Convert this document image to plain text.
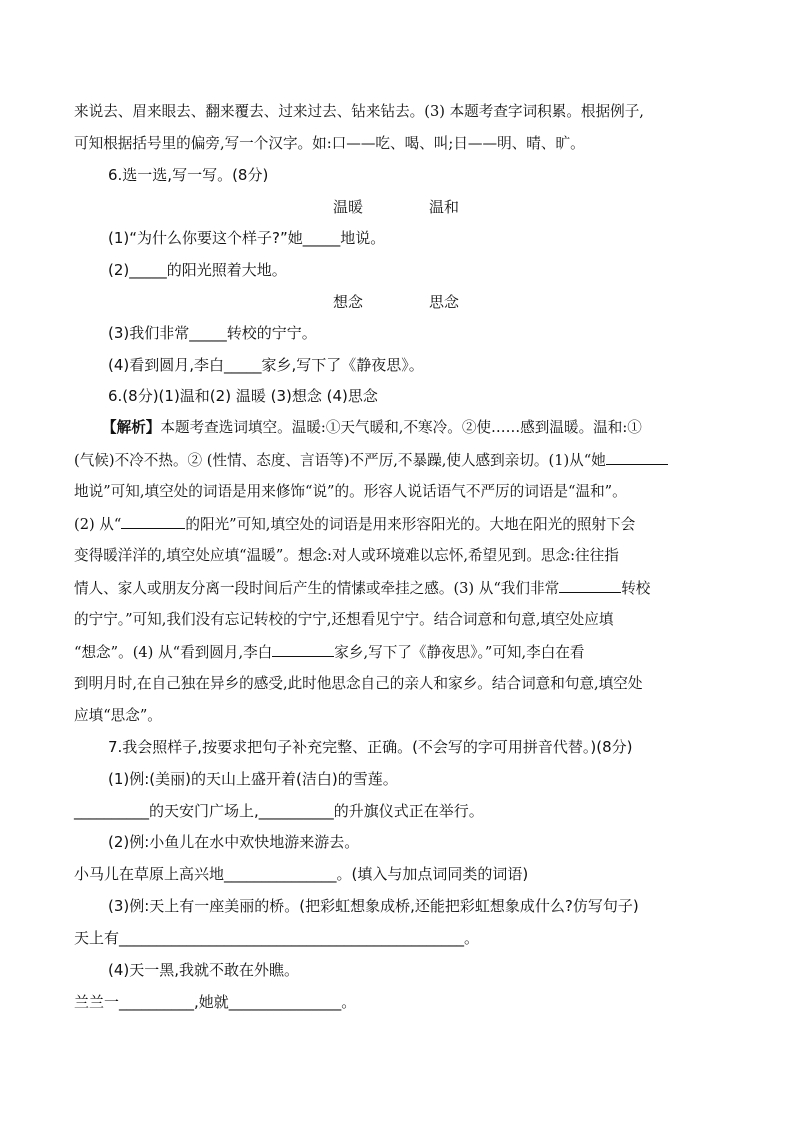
来说去、眉来眼去、翻来覆去、过来过去、钻来钻去。(3) 本题考查字词积累。根据例子,
可知根据括号里的偏旁,写一个汉字。如:口——吃、喝、叫;日——明、晴、旷。
6.选一选,写一写。(8分)
温暖	温和
(1)“为什么你要这个样子?”她_____地说。
(2)_____的阳光照着大地。
想念	思念
(3)我们非常_____转校的宁宁。
(4)看到圆月,李白_____家乡,写下了《静夜思》。
6.(8分)(1)温和(2) 温暖 (3)想念 (4)思念
【解析】本题考查选词填空。温暖:①天气暖和,不寒冷。②使……感到温暖。温和:①
(气候)不冷不热。② (性情、态度、言语等)不严厉,不暴躁,使人感到亲切。(1)从“她
地说”可知,填空处的词语是用来修饰“说”的。形容人说话语气不严厉的词语是“温和”。
(2) 从“	的阳光”可知,填空处的词语是用来形容阳光的。大地在阳光的照射下会
变得暖洋洋的,填空处应填“温暖”。想念:对人或环境难以忘怀,希望见到。思念:往往指
情人、家人或朋友分离一段时间后产生的情愫或牵挂之感。(3) 从“我们非常	转校
的宁宁。”可知,我们没有忘记转校的宁宁,还想看见宁宁。结合词意和句意,填空处应填
“想念”。(4) 从“看到圆月,李白	家乡,写下了《静夜思》。”可知,李白在看
到明月时,在自己独在异乡的感受,此时他思念自己的亲人和家乡。结合词意和句意,填空处
应填“思念”。
7.我会照样子,按要求把句子补充完整、正确。(不会写的字可用拼音代替。)(8分)
(1)例:(美丽)的天山上盛开着(洁白)的雪莲。
__________的天安门广场上,__________的升旗仪式正在举行。
(2)例:小鱼儿在水中欢快地游来游去。
小马儿在草原上高兴地_______________。(填入与加点词同类的词语)
(3)例:天上有一座美丽的桥。(把彩虹想象成桥,还能把彩虹想象成什么?仿写句子)
天上有______________________________________________。
(4)天一黑,我就不敢在外瞧。
兰兰一__________,她就_______________。
